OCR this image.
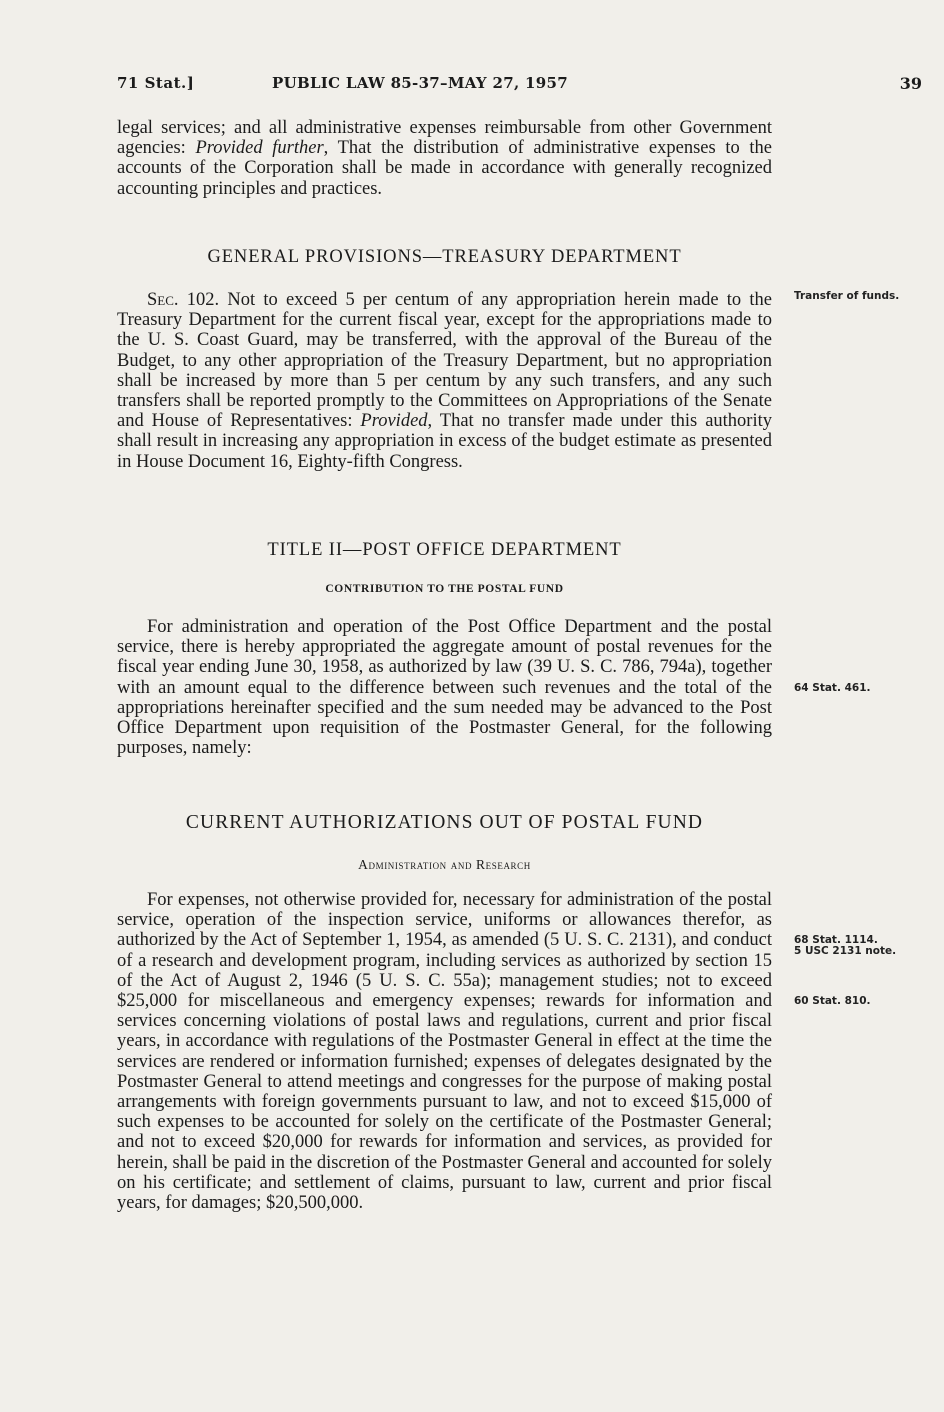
71 Stat.]	PUBLIC LAW 85-37–MAY 27, 1957	39

legal services; and all administrative expenses reimbursable from other Government agencies: Provided further, That the distribution of administrative expenses to the accounts of the Corporation shall be made in accordance with generally recognized accounting principles and practices.

GENERAL PROVISIONS—TREASURY DEPARTMENT

Sec. 102. Not to exceed 5 per centum of any appropriation herein made to the Treasury Department for the current fiscal year, except for the appropriations made to the U. S. Coast Guard, may be transferred, with the approval of the Bureau of the Budget, to any other appropriation of the Treasury Department, but no appropriation shall be increased by more than 5 per centum by any such transfers, and any such transfers shall be reported promptly to the Committees on Appropriations of the Senate and House of Representatives: Provided, That no transfer made under this authority shall result in increasing any appropriation in excess of the budget estimate as presented in House Document 16, Eighty-fifth Congress.

TITLE II—POST OFFICE DEPARTMENT

CONTRIBUTION TO THE POSTAL FUND

For administration and operation of the Post Office Department and the postal service, there is hereby appropriated the aggregate amount of postal revenues for the fiscal year ending June 30, 1958, as authorized by law (39 U. S. C. 786, 794a), together with an amount equal to the difference between such revenues and the total of the appropriations hereinafter specified and the sum needed may be advanced to the Post Office Department upon requisition of the Postmaster General, for the following purposes, namely:

CURRENT AUTHORIZATIONS OUT OF POSTAL FUND

Administration and Research

For expenses, not otherwise provided for, necessary for administration of the postal service, operation of the inspection service, uniforms or allowances therefor, as authorized by the Act of September 1, 1954, as amended (5 U. S. C. 2131), and conduct of a research and development program, including services as authorized by section 15 of the Act of August 2, 1946 (5 U. S. C. 55a); management studies; not to exceed $25,000 for miscellaneous and emergency expenses; rewards for information and services concerning violations of postal laws and regulations, current and prior fiscal years, in accordance with regulations of the Postmaster General in effect at the time the services are rendered or information furnished; expenses of delegates designated by the Postmaster General to attend meetings and congresses for the purpose of making postal arrangements with foreign governments pursuant to law, and not to exceed $15,000 of such expenses to be accounted for solely on the certificate of the Postmaster General; and not to exceed $20,000 for rewards for information and services, as provided for herein, shall be paid in the discretion of the Postmaster General and accounted for solely on his certificate; and settlement of claims, pursuant to law, current and prior fiscal years, for damages; $20,500,000.

Transfer of funds.
64 Stat. 461.
68 Stat. 1114.
5 USC 2131 note.
60 Stat. 810.
